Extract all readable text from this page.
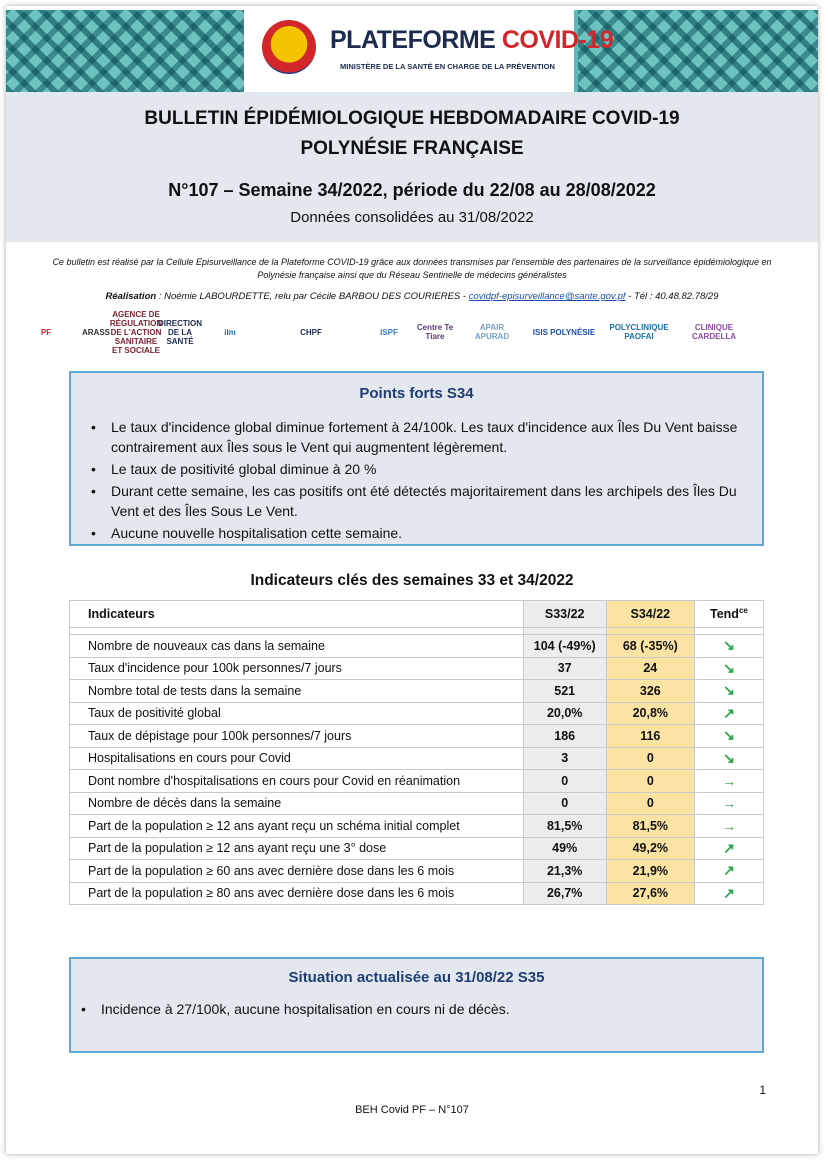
PLATEFORME COVID-19
MINISTÈRE DE LA SANTÉ EN CHARGE DE LA PRÉVENTION
BULLETIN ÉPIDÉMIOLOGIQUE HEBDOMADAIRE COVID-19
POLYNÉSIE FRANÇAISE
N°107 – Semaine 34/2022, période du 22/08 au 28/08/2022
Données consolidées au 31/08/2022
Ce bulletin est réalisé par la Cellule Episurveillance de la Plateforme COVID-19 grâce aux données transmises par l'ensemble des partenaires de la surveillance épidémiologique en Polynésie française ainsi que du Réseau Sentinelle de médecins généralistes
Réalisation : Noémie LABOURDETTE, relu par Cécile BARBOU DES COURIERES - covidpf-episurveillance@sante.gov.pf - Tél : 40.48.82.78/29
PF	ARASS
AGENCE DE RÉGULATION DE L'ACTION SANITAIRE ET SOCIALE
DIRECTION DE LA SANTÉ
ilm	CHPF	ISPF	Centre Te Tiare
APAIR APURAD	ISIS POLYNÉSIE	POLYCLINIQUE PAOFAI
CLINIQUE CARDELLA
Points forts S34
• Le taux d'incidence global diminue fortement à 24/100k. Les taux d'incidence aux Îles Du Vent baisse contrairement aux Îles sous le Vent qui augmentent légèrement.
• Le taux de positivité global diminue à 20 %
• Durant cette semaine, les cas positifs ont été détectés majoritairement dans les archipels des Îles Du Vent et des Îles Sous Le Vent.
• Aucune nouvelle hospitalisation cette semaine.
Indicateurs clés des semaines 33 et 34/2022
Indicateurs	S33/22	S34/22	Tend$^{ce}$

Nombre de nouveaux cas dans la semaine	104 (-49%)	68 (-35%)	↘
Taux d'incidence pour 100k personnes/7 jours	37	24	↘
Nombre total de tests dans la semaine	521	326	↘
Taux de positivité global	20,0%	20,8%	↗
Taux de dépistage pour 100k personnes/7 jours	186	116	↘
Hospitalisations en cours pour Covid	3	0	↘
Dont nombre d'hospitalisations en cours pour Covid en réanimation	0	0	→
Nombre de décès dans la semaine	0	0	→
Part de la population ≥ 12 ans ayant reçu un schéma initial complet	81,5%	81,5%	→
Part de la population ≥ 12 ans ayant reçu une 3° dose	49%	49,2%	↗
Part de la population ≥ 60 ans avec dernière dose dans les 6 mois	21,3%	21,9%	↗
Part de la population ≥ 80 ans avec dernière dose dans les 6 mois	26,7%	27,6%	↗
Situation actualisée au 31/08/22 S35
• Incidence à 27/100k, aucune hospitalisation en cours ni de décès.
1
BEH Covid PF – N°107
